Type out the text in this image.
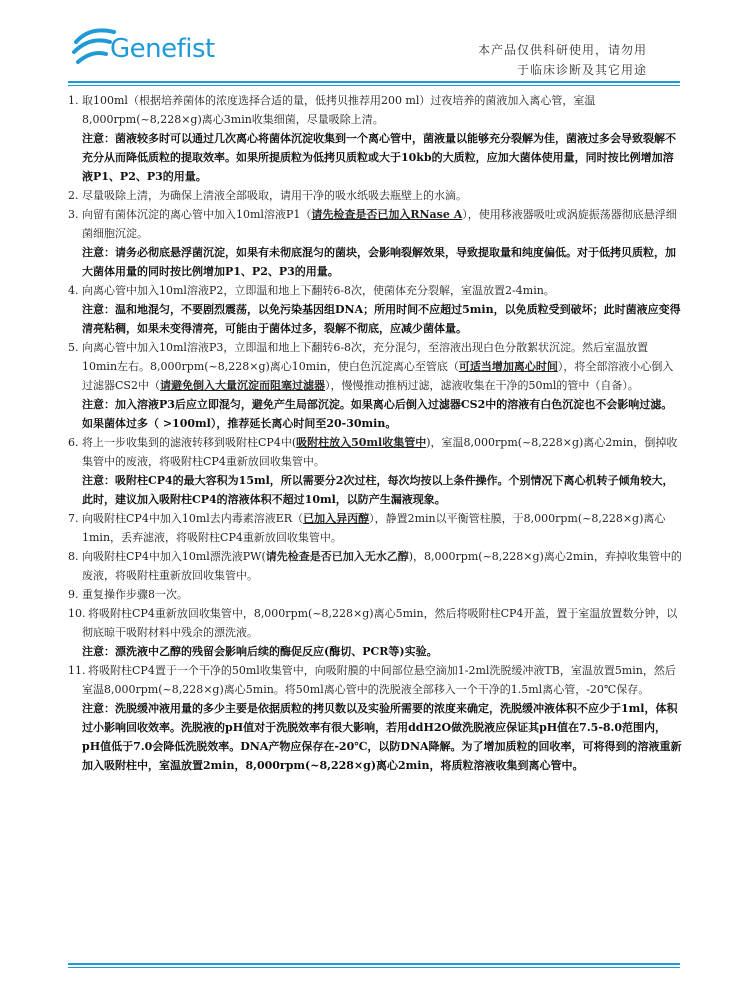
Genefist	本产品仅供科研使用，请勿用
于临床诊断及其它用途
1. 取100ml（根据培养菌体的浓度选择合适的量，低拷贝推荐用200 ml）过夜培养的菌液加入离心管，室温8,000rpm(~8,228×g)离心3min收集细菌，尽量吸除上清。
注意：菌液较多时可以通过几次离心将菌体沉淀收集到一个离心管中，菌液量以能够充分裂解为佳，菌液过多会导致裂解不充分从而降低质粒的提取效率。如果所提质粒为低拷贝质粒或大于10kb的大质粒，应加大菌体使用量，同时按比例增加溶液P1、P2、P3的用量。
2. 尽量吸除上清，为确保上清液全部吸取，请用干净的吸水纸吸去瓶壁上的水滴。
3. 向留有菌体沉淀的离心管中加入10ml溶液P1（请先检查是否已加入RNase A），使用移液器吸吐或涡旋振荡器彻底悬浮细菌细胞沉淀。
注意：请务必彻底悬浮菌沉淀，如果有未彻底混匀的菌块，会影响裂解效果，导致提取量和纯度偏低。对于低拷贝质粒，加大菌体用量的同时按比例增加P1、P2、P3的用量。
4. 向离心管中加入10ml溶液P2，立即温和地上下翻转6-8次，使菌体充分裂解，室温放置2-4min。
注意：温和地混匀，不要剧烈震荡，以免污染基因组DNA；所用时间不应超过5min，以免质粒受到破坏；此时菌液应变得清亮粘稠，如果未变得清亮，可能由于菌体过多，裂解不彻底，应减少菌体量。
5. 向离心管中加入10ml溶液P3，立即温和地上下翻转6-8次，充分混匀，至溶液出现白色分散絮状沉淀。然后室温放置10min左右。8,000rpm(~8,228×g)离心10min，使白色沉淀离心至管底（可适当增加离心时间），将全部溶液小心倒入过滤器CS2中（请避免倒入大量沉淀而阻塞过滤器），慢慢推动推柄过滤，滤液收集在干净的50ml的管中（自备）。
注意：加入溶液P3后应立即混匀，避免产生局部沉淀。如果离心后倒入过滤器CS2中的溶液有白色沉淀也不会影响过滤。如果菌体过多（ >100ml），推荐延长离心时间至20-30min。
6. 将上一步收集到的滤液转移到吸附柱CP4中(吸附柱放入50ml收集管中)，室温8,000rpm(~8,228×g)离心2min，倒掉收集管中的废液，将吸附柱CP4重新放回收集管中。
注意：吸附柱CP4的最大容积为15ml，所以需要分2次过柱，每次均按以上条件操作。个别情况下离心机转子倾角较大，此时，建议加入吸附柱CP4的溶液体积不超过10ml，以防产生漏液现象。
7. 向吸附柱CP4中加入10ml去内毒素溶液ER（已加入异丙醇），静置2min以平衡管柱膜，于8,000rpm(~8,228×g)离心1min，丢弃滤液，将吸附柱CP4重新放回收集管中。
8. 向吸附柱CP4中加入10ml漂洗液PW(请先检查是否已加入无水乙醇)，8,000rpm(~8,228×g)离心2min，弃掉收集管中的废液，将吸附柱重新放回收集管中。
9. 重复操作步骤8一次。
10. 将吸附柱CP4重新放回收集管中，8,000rpm(~8,228×g)离心5min，然后将吸附柱CP4开盖，置于室温放置数分钟，以彻底晾干吸附材料中残余的漂洗液。
注意：漂洗液中乙醇的残留会影响后续的酶促反应(酶切、PCR等)实验。
11. 将吸附柱CP4置于一个干净的50ml收集管中，向吸附膜的中间部位悬空滴加1-2ml洗脱缓冲液TB，室温放置5min，然后室温8,000rpm(~8,228×g)离心5min。将50ml离心管中的洗脱液全部移入一个干净的1.5ml离心管，-20℃保存。
注意：洗脱缓冲液用量的多少主要是依据质粒的拷贝数以及实验所需要的浓度来确定，洗脱缓冲液体积不应少于1ml，体积过小影响回收效率。洗脱液的pH值对于洗脱效率有很大影响，若用ddH2O做洗脱液应保证其pH值在7.5-8.0范围内，pH值低于7.0会降低洗脱效率。DNA产物应保存在-20℃，以防DNA降解。为了增加质粒的回收率，可将得到的溶液重新加入吸附柱中，室温放置2min，8,000rpm(~8,228×g)离心2min，将质粒溶液收集到离心管中。
